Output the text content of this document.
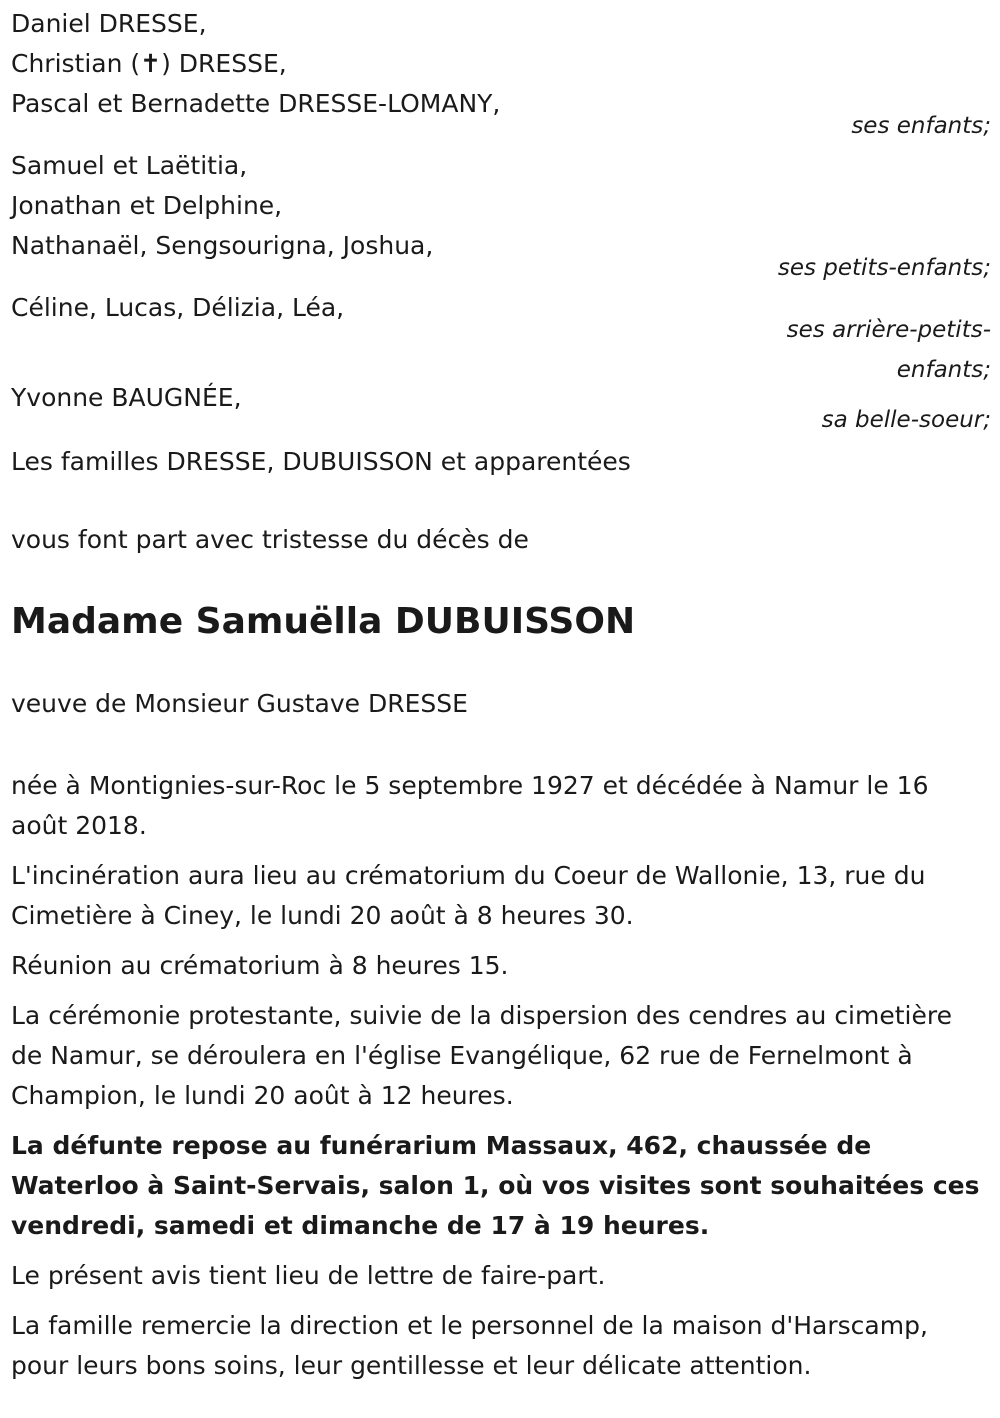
Daniel DRESSE,
Christian (✝) DRESSE,
Pascal et Bernadette DRESSE-LOMANY,
ses enfants;
Samuel et Laëtitia,
Jonathan et Delphine,
Nathanaël, Sengsourigna, Joshua,
ses petits-enfants;
Céline, Lucas, Délizia, Léa,
ses arrière-petits-
enfants;
Yvonne BAUGNÉE,
sa belle-soeur;
Les familles DRESSE, DUBUISSON et apparentées
vous font part avec tristesse du décès de
Madame Samuëlla DUBUISSON
veuve de Monsieur Gustave DRESSE

née à Montignies-sur-Roc le 5 septembre 1927 et décédée à Namur le 16 août 2018.

L'incinération aura lieu au crématorium du Coeur de Wallonie, 13, rue du Cimetière à Ciney, le lundi 20 août à 8 heures 30.

Réunion au crématorium à 8 heures 15.

La cérémonie protestante, suivie de la dispersion des cendres au cimetière de Namur, se déroulera en l'église Evangélique, 62 rue de Fernelmont à Champion, le lundi 20 août à 12 heures.

La défunte repose au funérarium Massaux, 462, chaussée de Waterloo à Saint-Servais, salon 1, où vos visites sont souhaitées ces vendredi, samedi et dimanche de 17 à 19 heures.

Le présent avis tient lieu de lettre de faire-part.

La famille remercie la direction et le personnel de la maison d'Harscamp, pour leurs bons soins, leur gentillesse et leur délicate attention.
